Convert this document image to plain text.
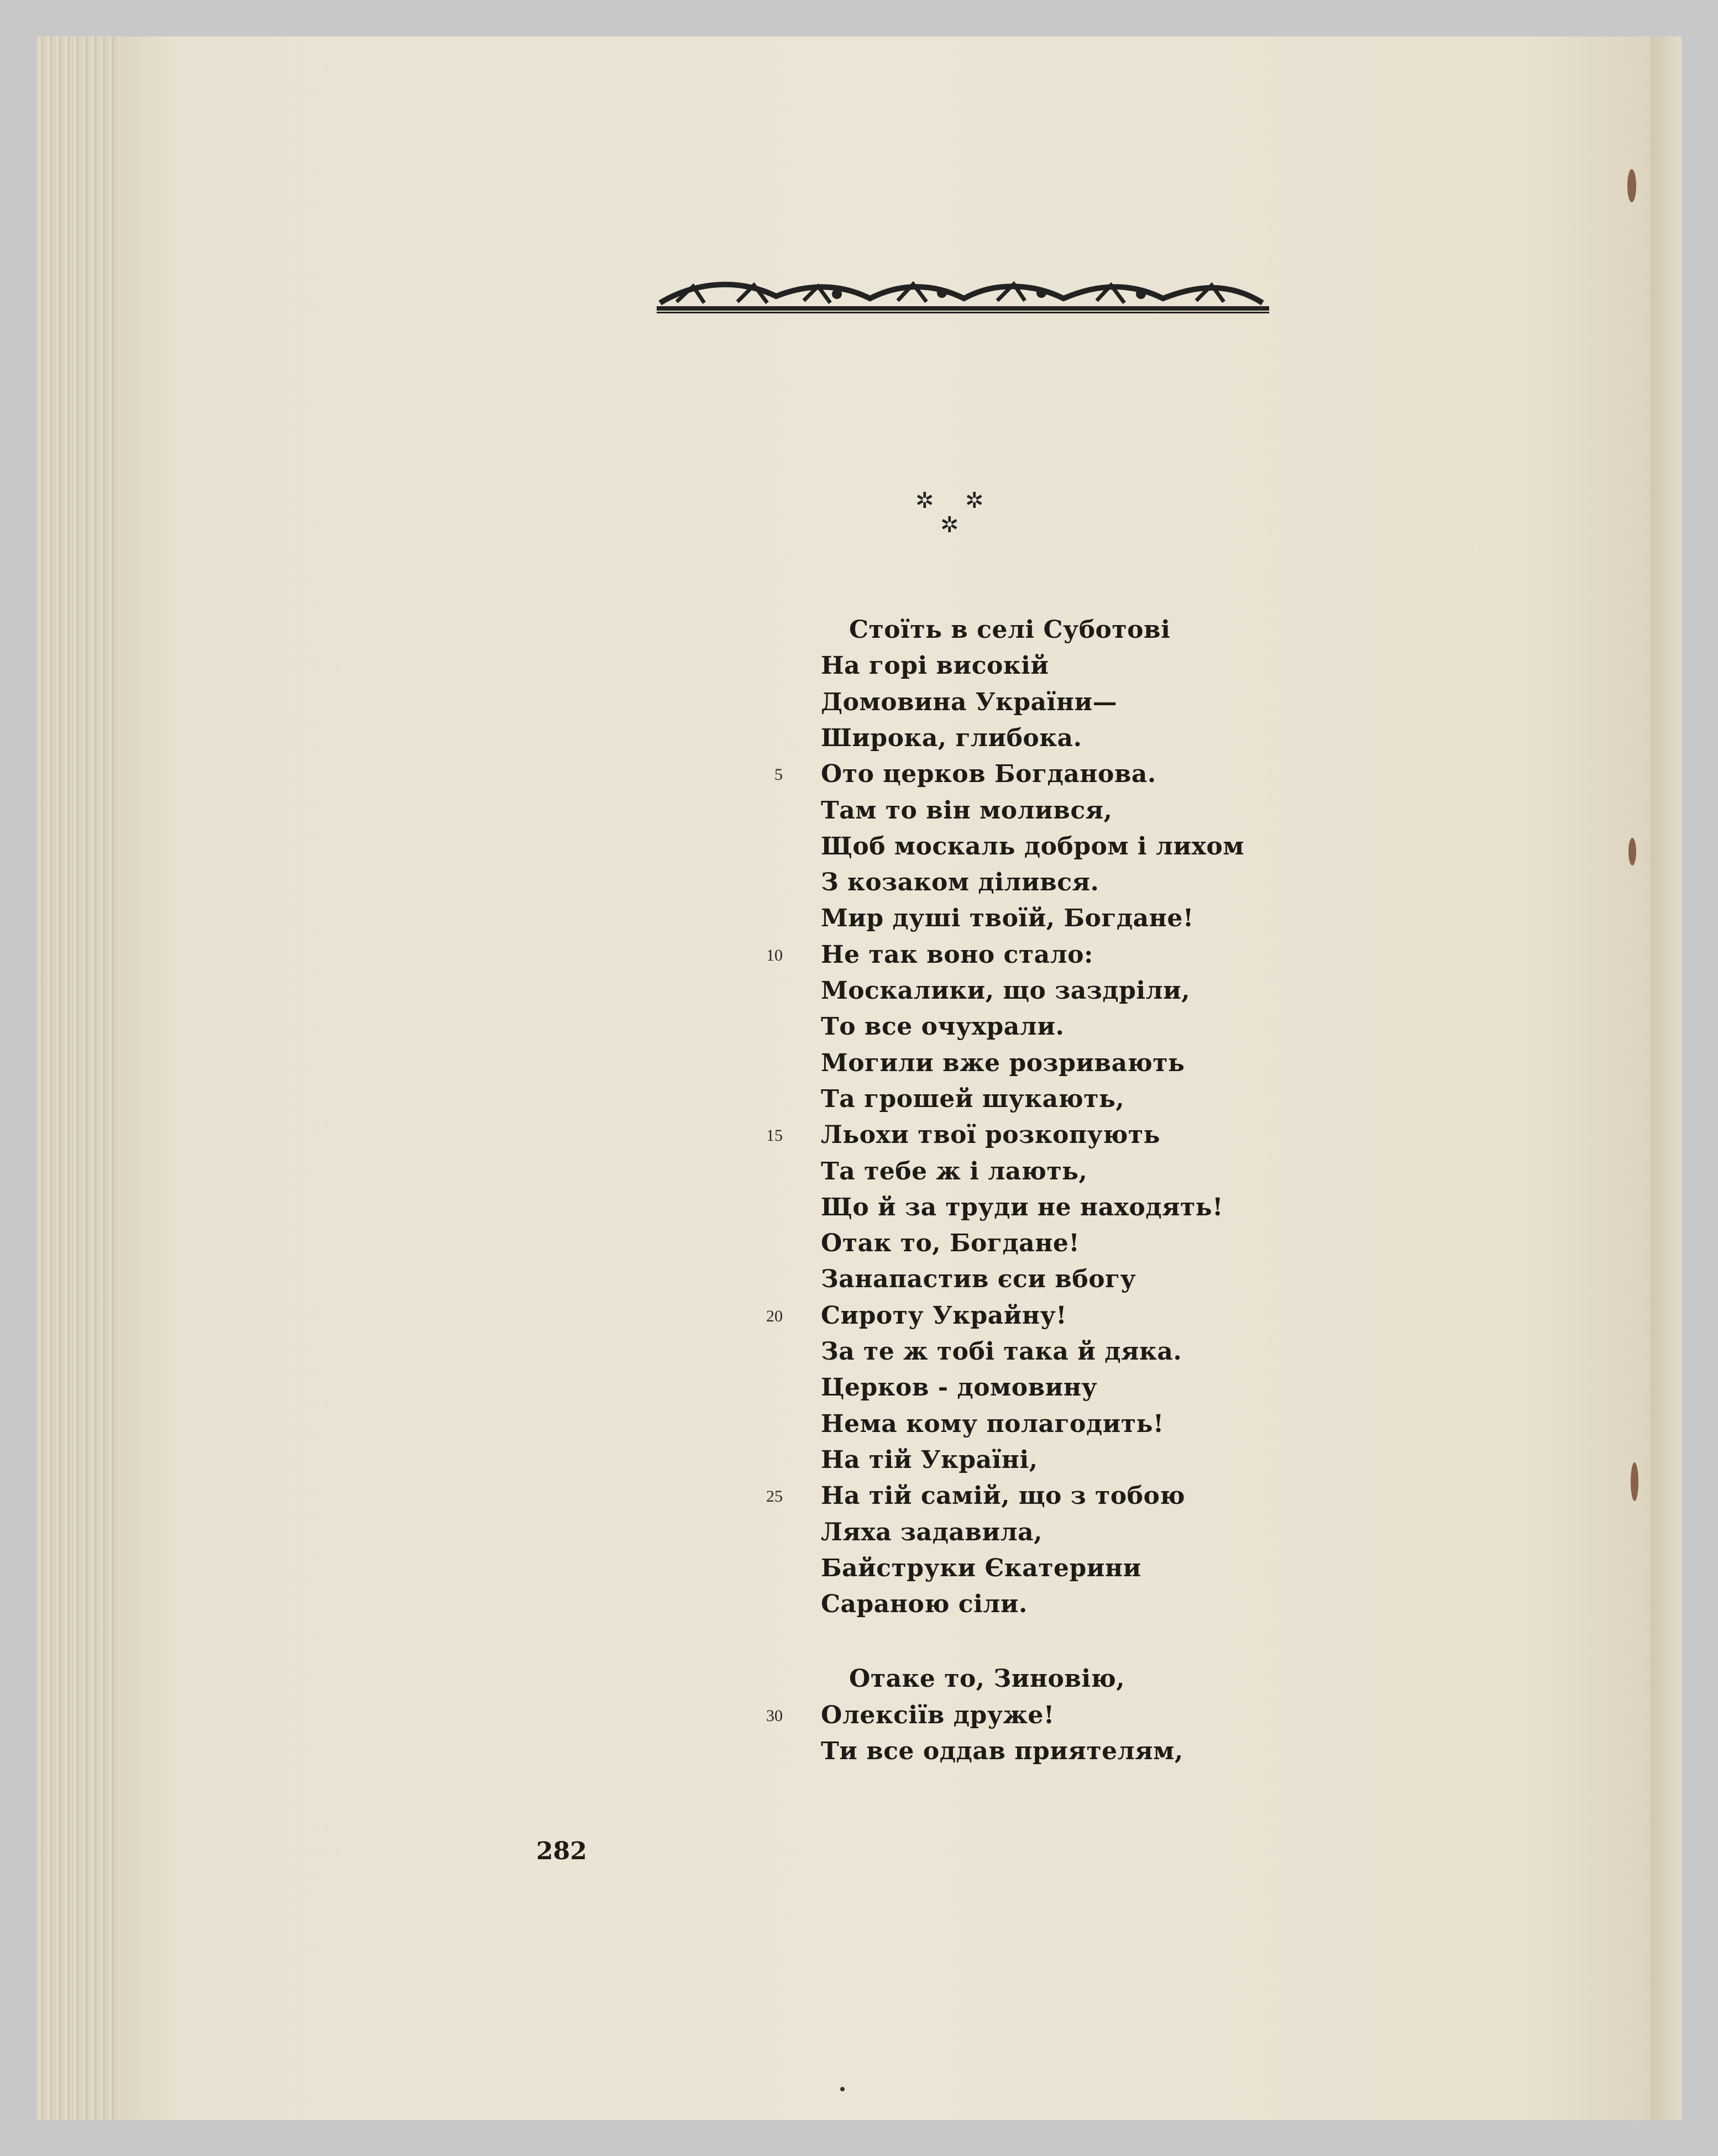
✲ ✲
✲
Стоїть в селі Суботові
На горі високій
Домовина України—
Широка, глибока.
Ото церков Богданова.
5
Там то він молився,
Щоб москаль добром і лихом
З козаком ділився.
Мир душі твоїй, Богдане!
Не так воно стало:
10
Москалики, що заздріли,
То все очухрали.
Могили вже розривають
Та грошей шукають,
Льохи твої розкопують
15
Та тебе ж і лають,
Що й за труди не находять!
Отак то, Богдане!
Занапастив єси вбогу
Сироту Украйну!
20
За те ж тобі така й дяка.
Церков - домовину
Нема кому полагодить!
На тій Україні,
На тій самій, що з тобою
25
Ляха задавила,
Байструки Єкатерини
Сараною сіли.
Отаке то, Зиновію,
Олексіїв друже!
30
Ти все оддав приятелям,
282
